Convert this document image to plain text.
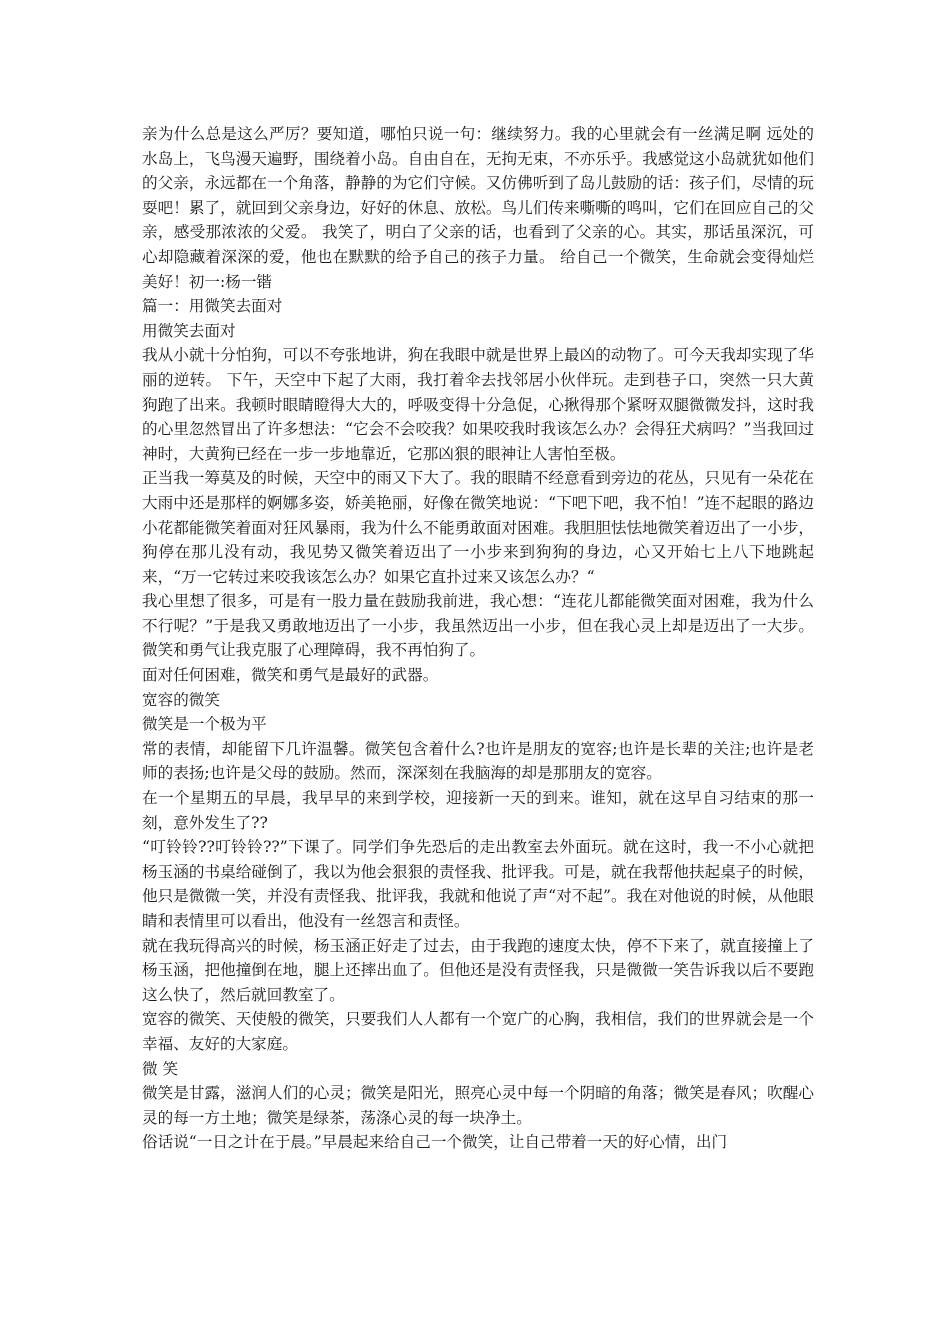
亲为什么总是这么严厉？要知道，哪怕只说一句：继续努力。我的心里就会有一丝满足啊 远处的水岛上，飞鸟漫天遍野，围绕着小岛。自由自在，无拘无束，不亦乐乎。我感觉这小岛就犹如他们的父亲，永远都在一个角落，静静的为它们守候。又仿佛听到了岛儿鼓励的话：孩子们，尽情的玩耍吧！累了，就回到父亲身边，好好的休息、放松。鸟儿们传来嘶嘶的鸣叫，它们在回应自己的父亲，感受那浓浓的父爱。 我笑了，明白了父亲的话，也看到了父亲的心。其实，那话虽深沉，可心却隐藏着深深的爱，他也在默默的给予自己的孩子力量。 给自己一个微笑，生命就会变得灿烂美好！初一:杨一锴

篇一：用微笑去面对

用微笑去面对

我从小就十分怕狗，可以不夸张地讲，狗在我眼中就是世界上最凶的动物了。可今天我却实现了华丽的逆转。 下午，天空中下起了大雨，我打着伞去找邻居小伙伴玩。走到巷子口，突然一只大黄狗跑了出来。我顿时眼睛瞪得大大的，呼吸变得十分急促，心揪得那个紧呀双腿微微发抖，这时我的心里忽然冒出了许多想法：“它会不会咬我？如果咬我时我该怎么办？会得狂犬病吗？”当我回过神时，大黄狗已经在一步一步地靠近，它那凶狠的眼神让人害怕至极。

正当我一筹莫及的时候，天空中的雨又下大了。我的眼睛不经意看到旁边的花丛，只见有一朵花在大雨中还是那样的婀娜多姿，娇美艳丽，好像在微笑地说：“下吧下吧，我不怕！”连不起眼的路边小花都能微笑着面对狂风暴雨，我为什么不能勇敢面对困难。我胆胆怯怯地微笑着迈出了一小步，狗停在那儿没有动，我见势又微笑着迈出了一小步来到狗狗的身边，心又开始七上八下地跳起来，“万一它转过来咬我该怎么办？如果它直扑过来又该怎么办？“

我心里想了很多，可是有一股力量在鼓励我前进，我心想：“连花儿都能微笑面对困难，我为什么不行呢？”于是我又勇敢地迈出了一小步，我虽然迈出一小步，但在我心灵上却是迈出了一大步。微笑和勇气让我克服了心理障碍，我不再怕狗了。

面对任何困难，微笑和勇气是最好的武器。

宽容的微笑

微笑是一个极为平

常的表情，却能留下几许温馨。微笑包含着什么?也许是朋友的宽容;也许是长辈的关注;也许是老师的表扬;也许是父母的鼓励。然而，深深刻在我脑海的却是那朋友的宽容。

在一个星期五的早晨，我早早的来到学校，迎接新一天的到来。谁知，就在这早自习结束的那一刻，意外发生了??

“叮铃铃??叮铃铃??”下课了。同学们争先恐后的走出教室去外面玩。就在这时，我一不小心就把杨玉涵的书桌给碰倒了，我以为他会狠狠的责怪我、批评我。可是，就在我帮他扶起桌子的时候，他只是微微一笑，并没有责怪我、批评我，我就和他说了声“对不起”。我在对他说的时候，从他眼睛和表情里可以看出，他没有一丝怨言和责怪。

就在我玩得高兴的时候，杨玉涵正好走了过去，由于我跑的速度太快，停不下来了，就直接撞上了杨玉涵，把他撞倒在地，腿上还摔出血了。但他还是没有责怪我，只是微微一笑告诉我以后不要跑这么快了，然后就回教室了。

宽容的微笑、天使般的微笑，只要我们人人都有一个宽广的心胸，我相信，我们的世界就会是一个幸福、友好的大家庭。

微 笑

微笑是甘露，滋润人们的心灵；微笑是阳光，照亮心灵中每一个阴暗的角落；微笑是春风；吹醒心灵的每一方土地；微笑是绿茶，荡涤心灵的每一块净土。

俗话说“一日之计在于晨。”早晨起来给自己一个微笑，让自己带着一天的好心情，出门
